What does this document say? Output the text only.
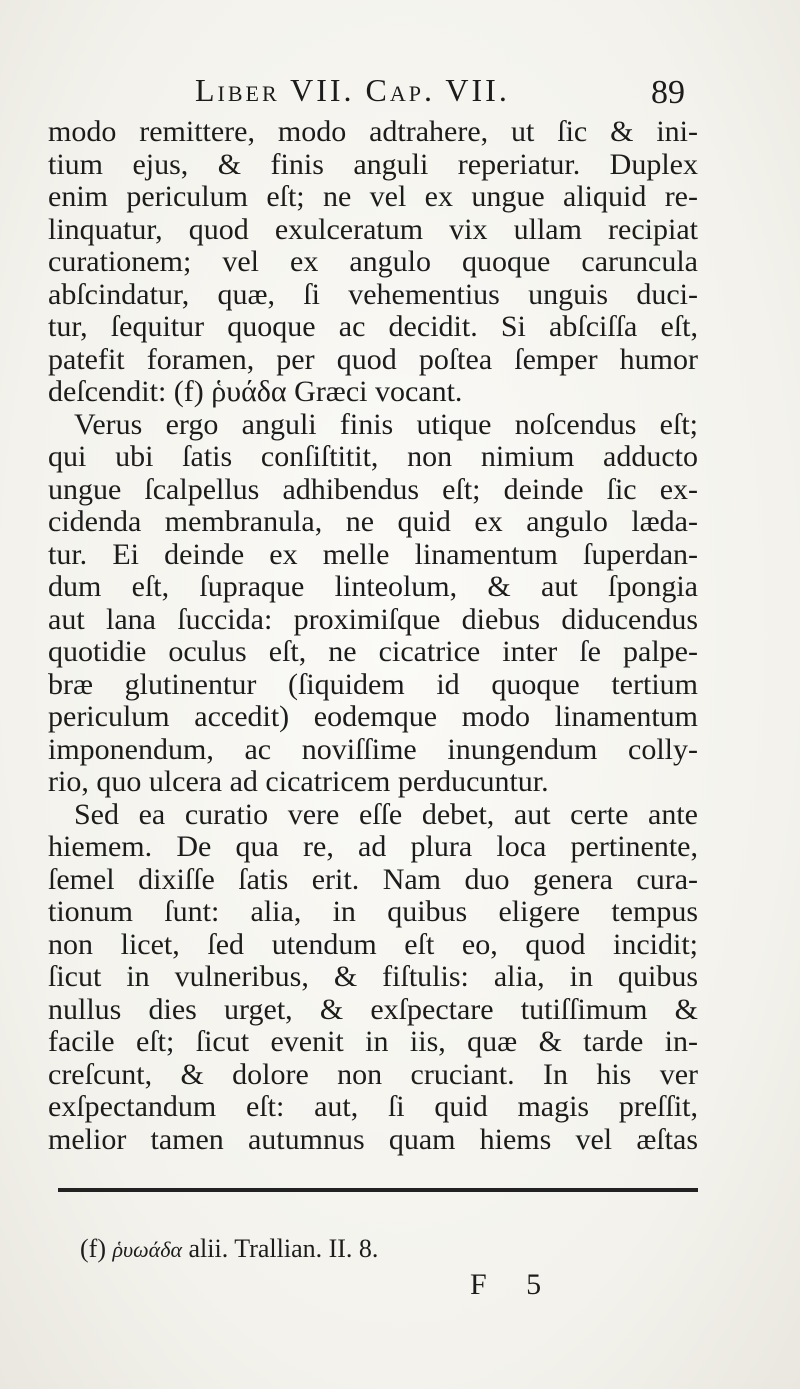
Liber VII. Cap. VII.	89
modo remittere, modo adtrahere, ut ſic & ini-
tium ejus, & finis anguli reperiatur. Duplex
enim periculum eſt; ne vel ex ungue aliquid re-
linquatur, quod exulceratum vix ullam recipiat
curationem; vel ex angulo quoque caruncula
abſcindatur, quæ, ſi vehementius unguis duci-
tur, ſequitur quoque ac decidit. Si abſciſſa eſt,
patefit foramen, per quod poſtea ſemper humor
deſcendit: (f) ῥυάδα Græci vocant.
Verus ergo anguli finis utique noſcendus eſt;
qui ubi ſatis conſiſtitit, non nimium adducto
ungue ſcalpellus adhibendus eſt; deinde ſic ex-
cidenda membranula, ne quid ex angulo læda-
tur. Ei deinde ex melle linamentum ſuperdan-
dum eſt, ſupraque linteolum, & aut ſpongia
aut lana ſuccida: proximiſque diebus diducendus
quotidie oculus eſt, ne cicatrice inter ſe palpe-
bræ glutinentur (ſiquidem id quoque tertium
periculum accedit) eodemque modo linamentum
imponendum, ac noviſſime inungendum colly-
rio, quo ulcera ad cicatricem perducuntur.
Sed ea curatio vere eſſe debet, aut certe ante
hiemem. De qua re, ad plura loca pertinente,
ſemel dixiſſe ſatis erit. Nam duo genera cura-
tionum ſunt: alia, in quibus eligere tempus
non licet, ſed utendum eſt eo, quod incidit;
ſicut in vulneribus, & fiſtulis: alia, in quibus
nullus dies urget, & exſpectare tutiſſimum &
facile eſt; ſicut evenit in iis, quæ & tarde in-
creſcunt, & dolore non cruciant. In his ver
exſpectandum eſt: aut, ſi quid magis preſſit,
melior tamen autumnus quam hiems vel æſtas
(f) ῥυωάδα alii. Trallian. II. 8.
F 5
